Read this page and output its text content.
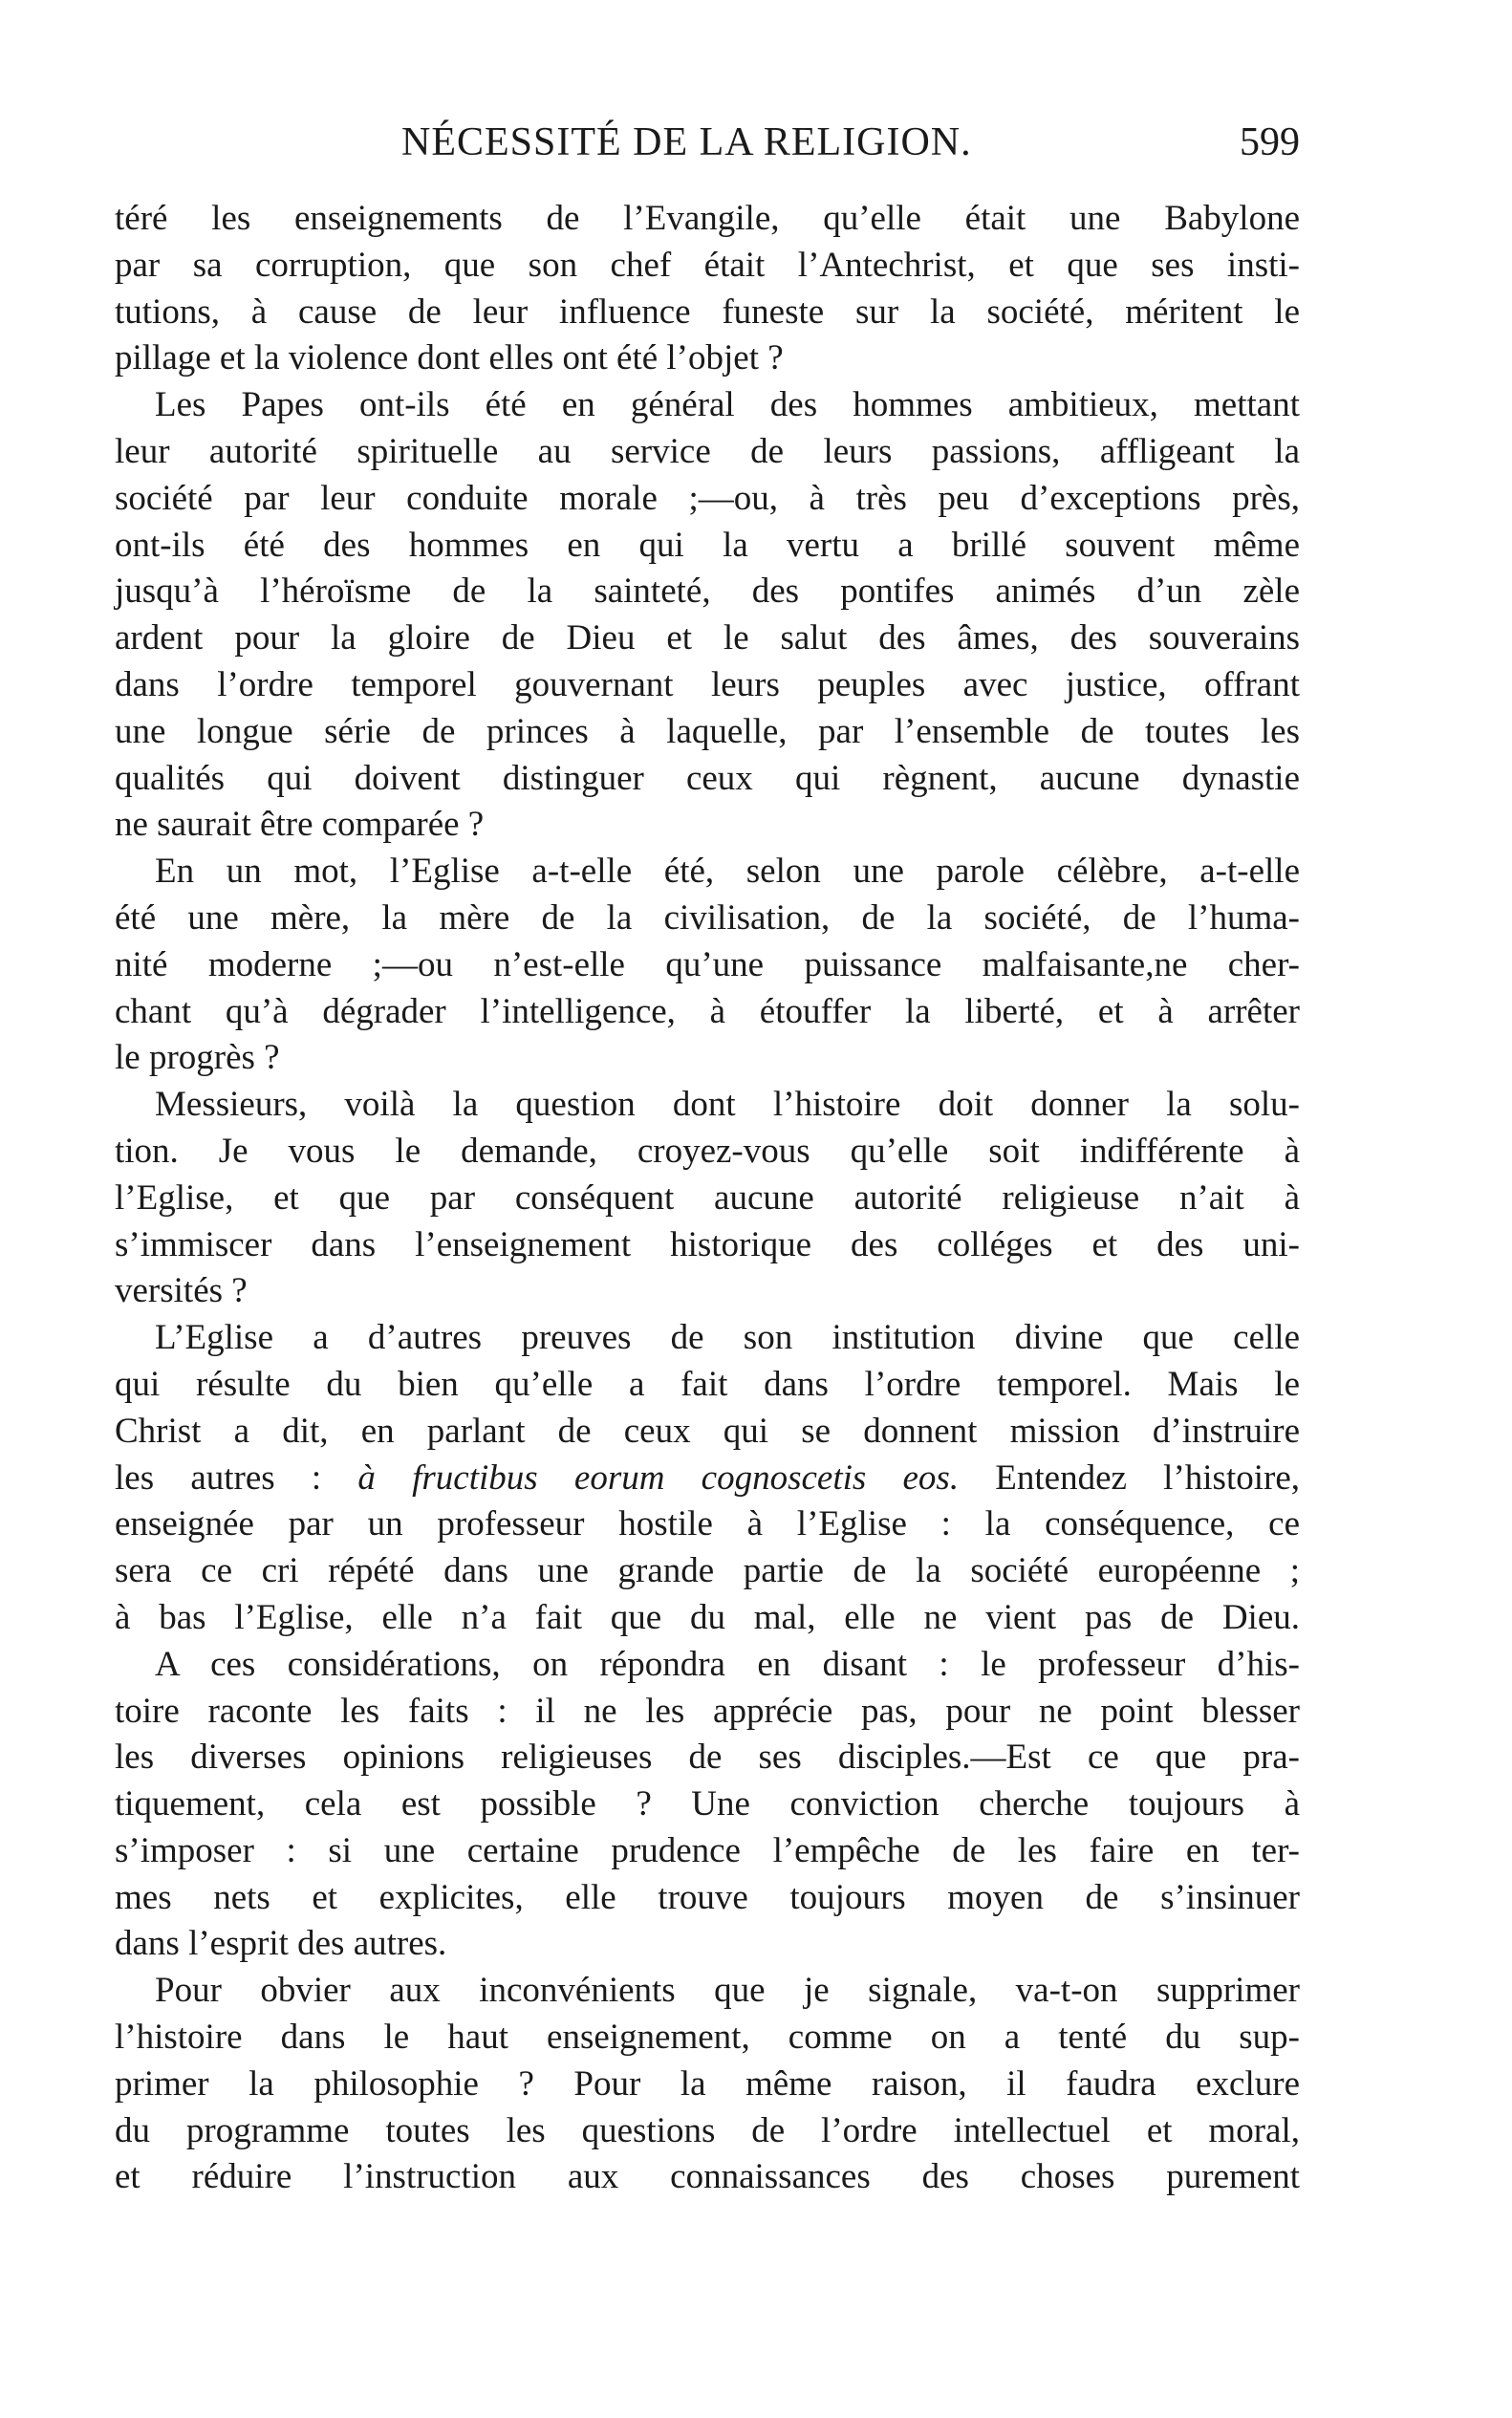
NÉCESSITÉ DE LA RELIGION.	599
téré les enseignements de l’Evangile, qu’elle était une Babylone
par sa corruption, que son chef était l’Antechrist, et que ses insti-
tutions, à cause de leur influence funeste sur la société, méritent le
pillage et la violence dont elles ont été l’objet ?
Les Papes ont-ils été en général des hommes ambitieux, mettant
leur autorité spirituelle au service de leurs passions, affligeant la
société par leur conduite morale ;—ou, à très peu d’exceptions près,
ont-ils été des hommes en qui la vertu a brillé souvent même
jusqu’à l’héroïsme de la sainteté, des pontifes animés d’un zèle
ardent pour la gloire de Dieu et le salut des âmes, des souverains
dans l’ordre temporel gouvernant leurs peuples avec justice, offrant
une longue série de princes à laquelle, par l’ensemble de toutes les
qualités qui doivent distinguer ceux qui règnent, aucune dynastie
ne saurait être comparée ?
En un mot, l’Eglise a-t-elle été, selon une parole célèbre, a-t-elle
été une mère, la mère de la civilisation, de la société, de l’huma-
nité moderne ;—ou n’est-elle qu’une puissance malfaisante,ne cher-
chant qu’à dégrader l’intelligence, à étouffer la liberté, et à arrêter
le progrès ?
Messieurs, voilà la question dont l’histoire doit donner la solu-
tion. Je vous le demande, croyez-vous qu’elle soit indifférente à
l’Eglise, et que par conséquent aucune autorité religieuse n’ait à
s’immiscer dans l’enseignement historique des colléges et des uni-
versités ?
L’Eglise a d’autres preuves de son institution divine que celle
qui résulte du bien qu’elle a fait dans l’ordre temporel. Mais le
Christ a dit, en parlant de ceux qui se donnent mission d’instruire
les autres : à fructibus eorum cognoscetis eos. Entendez l’histoire,
enseignée par un professeur hostile à l’Eglise : la conséquence, ce
sera ce cri répété dans une grande partie de la société européenne ;
à bas l’Eglise, elle n’a fait que du mal, elle ne vient pas de Dieu.
A ces considérations, on répondra en disant : le professeur d’his-
toire raconte les faits : il ne les apprécie pas, pour ne point blesser
les diverses opinions religieuses de ses disciples.—Est ce que pra-
tiquement, cela est possible ? Une conviction cherche toujours à
s’imposer : si une certaine prudence l’empêche de les faire en ter-
mes nets et explicites, elle trouve toujours moyen de s’insinuer
dans l’esprit des autres.
Pour obvier aux inconvénients que je signale, va-t-on supprimer
l’histoire dans le haut enseignement, comme on a tenté du sup-
primer la philosophie ? Pour la même raison, il faudra exclure
du programme toutes les questions de l’ordre intellectuel et moral,
et réduire l’instruction aux connaissances des choses purement
